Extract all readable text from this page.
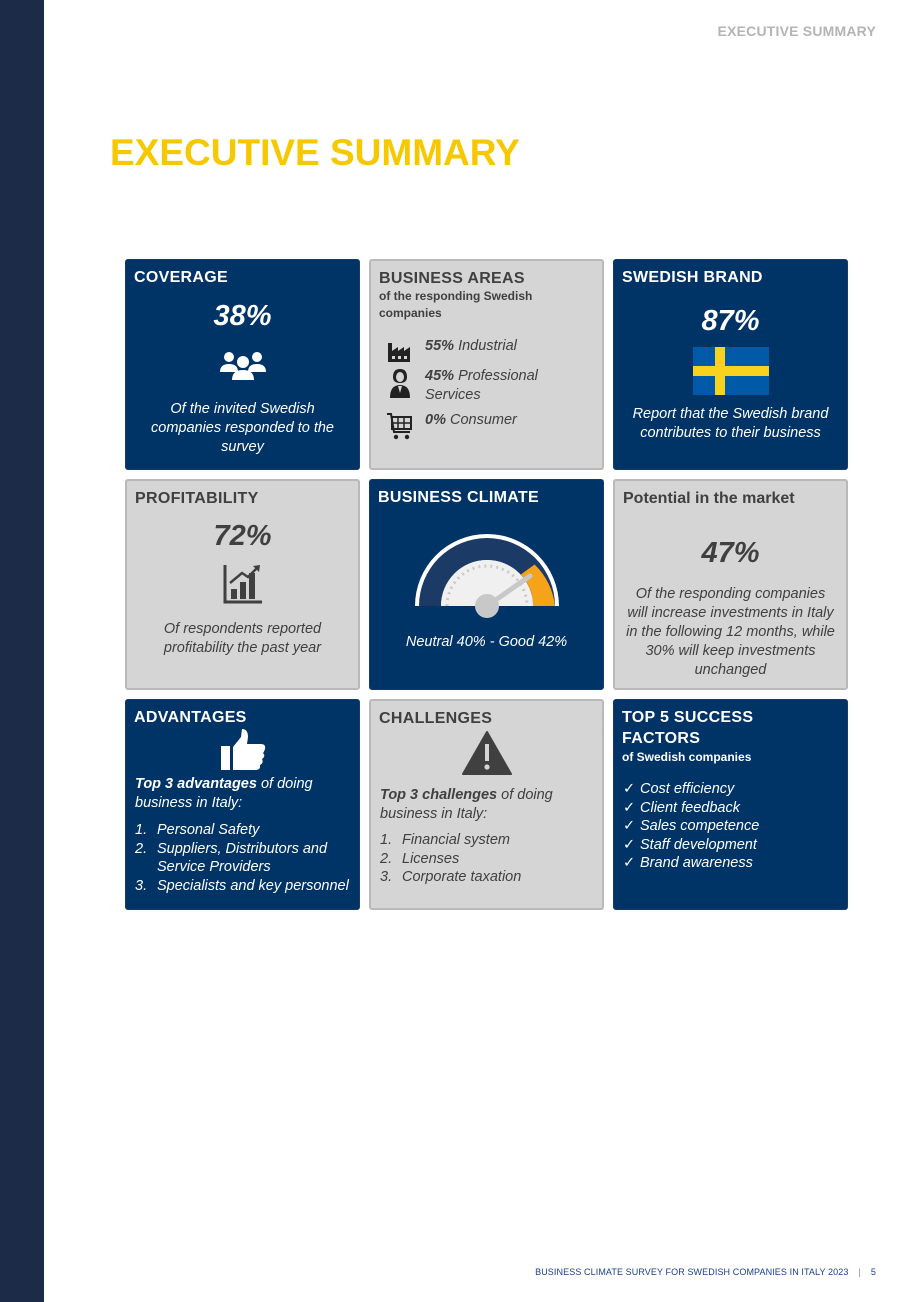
EXECUTIVE SUMMARY
EXECUTIVE SUMMARY
COVERAGE
38%
Of the invited Swedish companies responded to the survey
BUSINESS AREAS
of the responding Swedish companies
55% Industrial
45% Professional Services
0% Consumer
SWEDISH BRAND
87%
Report that the Swedish brand contributes to their business
PROFITABILITY
72%
Of respondents reported profitability the past year
BUSINESS CLIMATE
Neutral 40% - Good 42%
Potential in the market
47%
Of the responding companies will increase investments in Italy in the following 12 months, while 30% will keep investments unchanged
ADVANTAGES
Top 3 advantages of doing business in Italy:
1. Personal Safety
2. Suppliers, Distributors and Service Providers
3. Specialists and key personnel
CHALLENGES
Top 3 challenges of doing business in Italy:
1. Financial system
2. Licenses
3. Corporate taxation
TOP 5 SUCCESS FACTORS
of Swedish companies
✓ Cost efficiency
✓ Client feedback
✓ Sales competence
✓ Staff development
✓ Brand awareness
BUSINESS CLIMATE SURVEY FOR SWEDISH COMPANIES IN ITALY 2023 | 5
